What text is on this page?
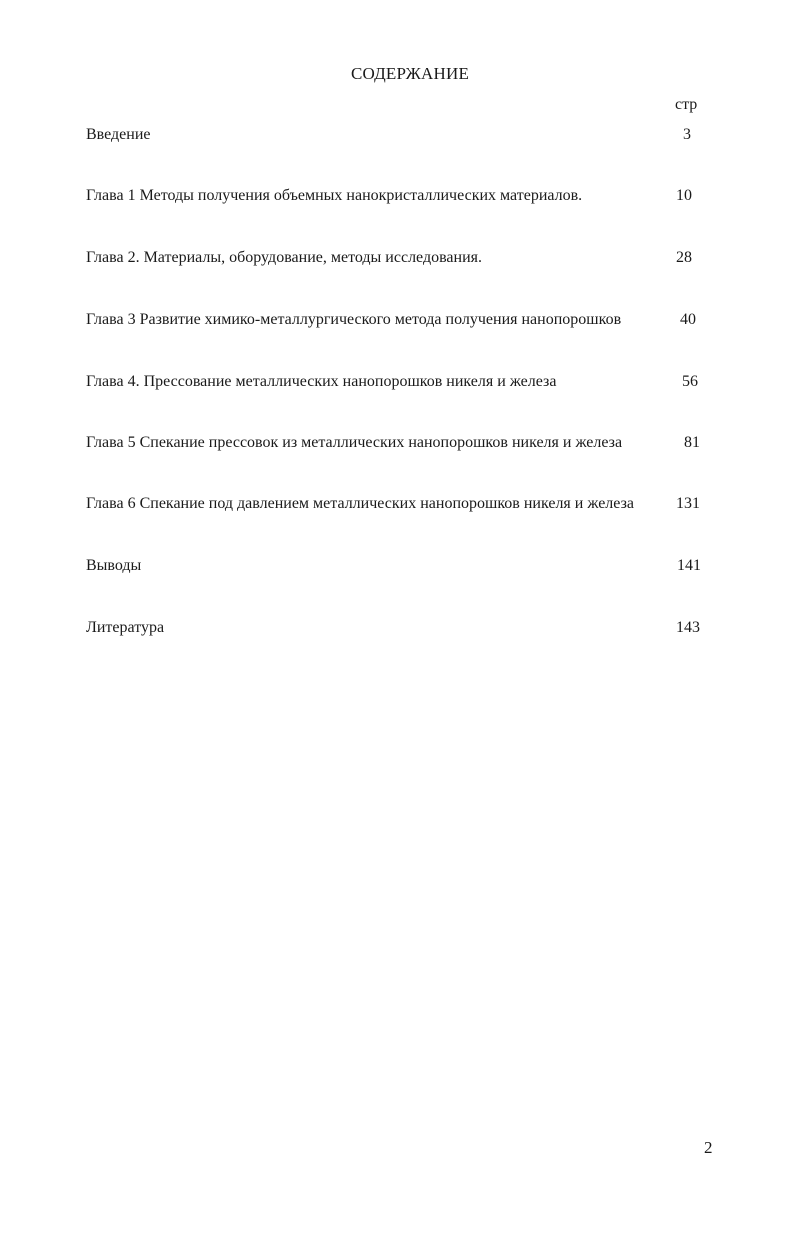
СОДЕРЖАНИЕ
стр
Введение	3
Глава 1 Методы получения объемных нанокристаллических материалов.	10
Глава 2. Материалы, оборудование, методы исследования.	28
Глава 3 Развитие химико-металлургического метода получения нанопорошков	40
Глава 4. Прессование металлических нанопорошков никеля и железа	56
Глава 5 Спекание прессовок из металлических нанопорошков никеля и железа	81
Глава 6 Спекание под давлением металлических нанопорошков никеля и железа	131
Выводы	141
Литература	143
2
